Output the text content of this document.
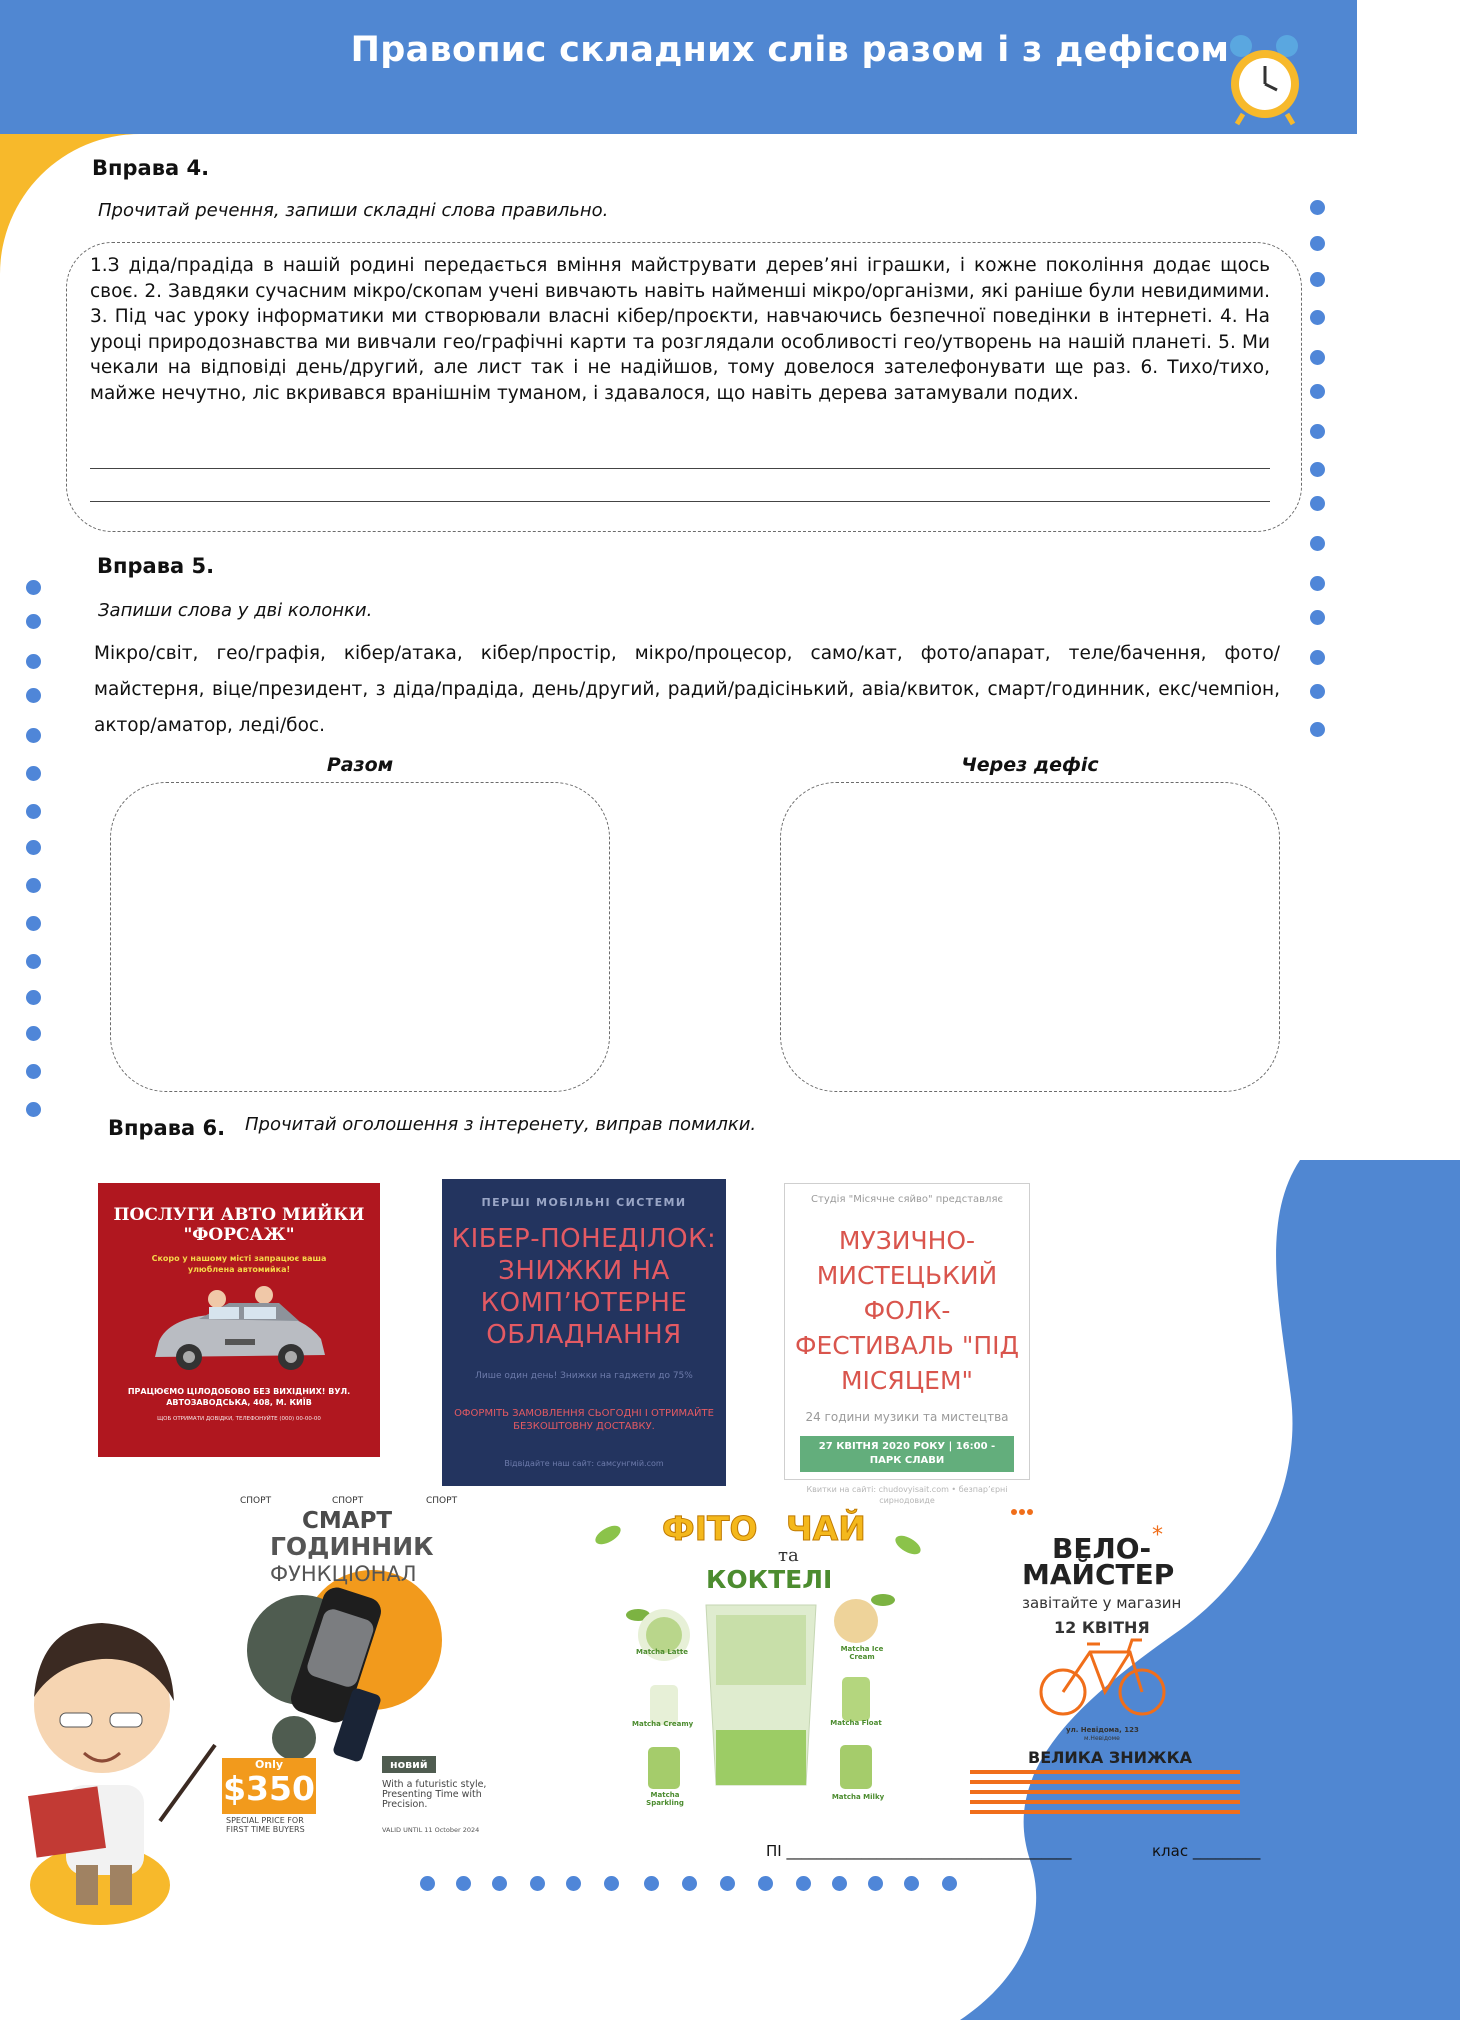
Правопис складних слів разом і з дефісом
Вправа 4.
Прочитай речення, запиши складні слова правильно.
1.З діда/прадіда в нашій родині передається вміння майструвати дерев’яні іграшки, і кожне покоління додає щось своє. 2. Завдяки сучасним мікро/скопам учені вивчають навіть найменші мікро/організми, які раніше були невидимими. 3. Під час уроку інформатики ми створювали власні кібер/проєкти, навчаючись безпечної поведінки в інтернеті. 4. На уроці природознавства ми вивчали гео/графічні карти та розглядали особливості гео/утворень на нашій планеті. 5. Ми чекали на відповіді день/другий, але лист так і не надійшов, тому довелося зателефонувати ще раз. 6. Тихо/тихо, майже нечутно, ліс вкривався вранішнім туманом, і здавалося, що навіть дерева затамували подих.
Вправа 5.
Запиши слова у дві колонки.
Мікро/світ, гео/графія, кібер/атака, кібер/простір, мікро/процесор, само/кат, фото/апарат, теле/бачення, фото/майстерня, віце/президент, з діда/прадіда, день/другий, радий/радісінький, авіа/квиток, смарт/годинник, екс/чемпіон, актор/аматор, леді/бос.
Разом	Через дефіс
Вправа 6. Прочитай оголошення з інтеренету, виправ помилки.
ПОСЛУГИ АВТО МИЙКИ "ФОРСАЖ"
Скоро у нашому місті запрацює ваша улюблена автомийка!
ПРАЦЮЄМО ЦІЛОДОБОВО БЕЗ ВИХІДНИХ! ВУЛ. АВТОЗАВОДСЬКА, 408, М. КИЇВ
ЩОБ ОТРИМАТИ ДОВІДКИ, ТЕЛЕФОНУЙТЕ (000) 00-00-00
ПЕРШІ МОБІЛЬНІ СИСТЕМИ
КІБЕР-ПОНЕДІЛОК: ЗНИЖКИ НА КОМП’ЮТЕРНЕ ОБЛАДНАННЯ
Лише один день! Знижки на гаджети до 75%
ОФОРМІТЬ ЗАМОВЛЕННЯ СЬОГОДНІ І ОТРИМАЙТЕ БЕЗКОШТОВНУ ДОСТАВКУ.
Відвідайте наш сайт: самсунгмій.com
Студія "Місячне сяйво" представляє
МУЗИЧНО-МИСТЕЦЬКИЙ ФОЛК-ФЕСТИВАЛЬ "ПІД МІСЯЦЕМ"
24 години музики та мистецтва
27 КВІТНЯ 2020 РОКУ | 16:00 - ПАРК СЛАВИ
Квитки на сайті: chudovyisait.com • безпар’єрні сирнодовиде
СПОРТ	СПОРТ	СПОРТ
СМАРТ
ГОДИННИК
ФУНКЦІОНАЛ
Only
$350
SPECIAL PRICE FOR FIRST TIME BUYERS
новий
With a futuristic style, Presenting Time with Precision.
VALID UNTIL 11 October 2024
ФІТО ЧАЙ
та
КОКТЕЛІ
Matcha Latte
Matcha Creamy
Matcha Sparkling
Matcha Ice Cream
Matcha Float
Matcha Milky
*
ВЕЛО-
МАЙСТЕР
завітайте у магазин
12 КВІТНЯ
ул. Невідома, 123
м.Невідоме
ВЕЛИКА ЗНИЖКА
ПІ ______________________________________	клас _________
